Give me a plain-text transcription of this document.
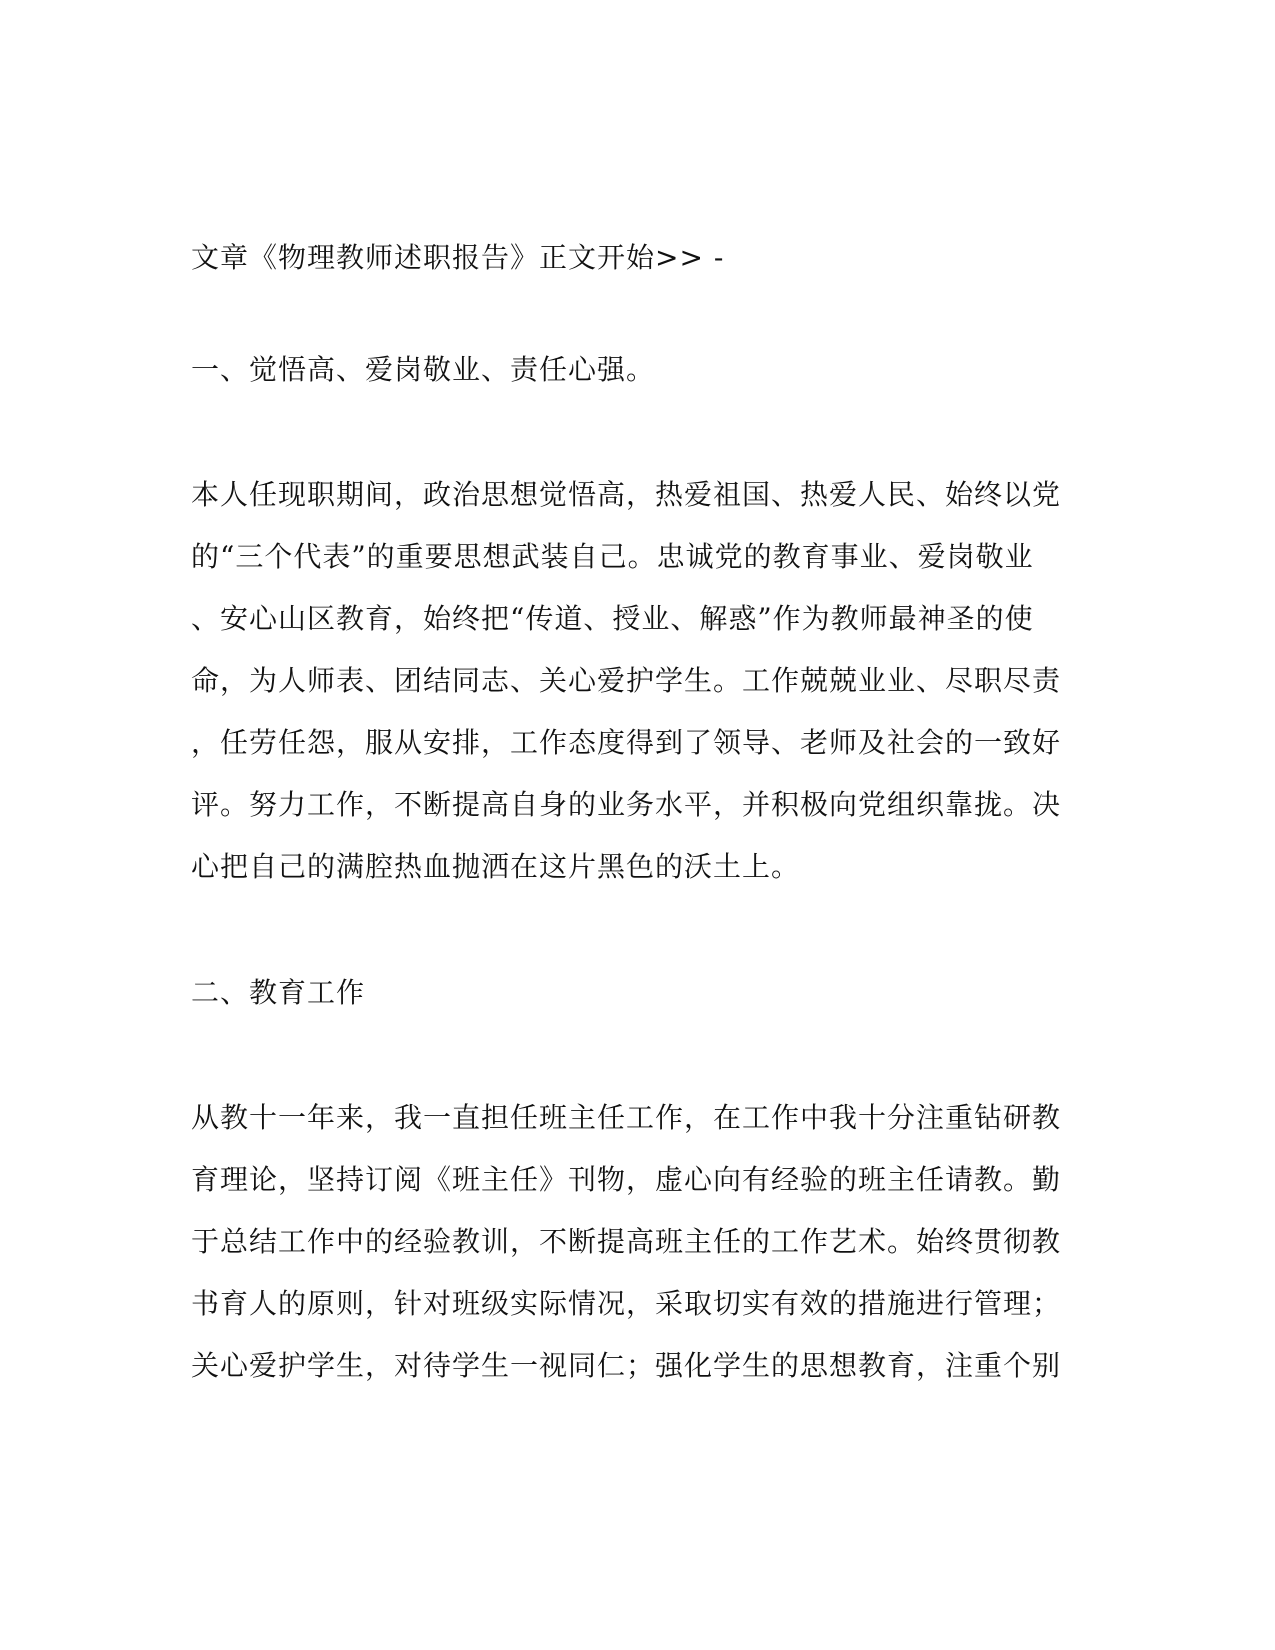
文章《物理教师述职报告》正文开始>> -
一、觉悟高、爱岗敬业、责任心强。
本人任现职期间，政治思想觉悟高，热爱祖国、热爱人民、始终以党
的“三个代表”的重要思想武装自己。忠诚党的教育事业、爱岗敬业
、安心山区教育，始终把“传道、授业、解惑”作为教师最神圣的使
命，为人师表、团结同志、关心爱护学生。工作兢兢业业、尽职尽责
，任劳任怨，服从安排，工作态度得到了领导、老师及社会的一致好
评。努力工作，不断提高自身的业务水平，并积极向党组织靠拢。决
心把自己的满腔热血抛洒在这片黑色的沃土上。
二、教育工作
从教十一年来，我一直担任班主任工作，在工作中我十分注重钻研教
育理论，坚持订阅《班主任》刊物，虚心向有经验的班主任请教。勤
于总结工作中的经验教训，不断提高班主任的工作艺术。始终贯彻教
书育人的原则，针对班级实际情况，采取切实有效的措施进行管理；
关心爱护学生，对待学生一视同仁；强化学生的思想教育，注重个别
